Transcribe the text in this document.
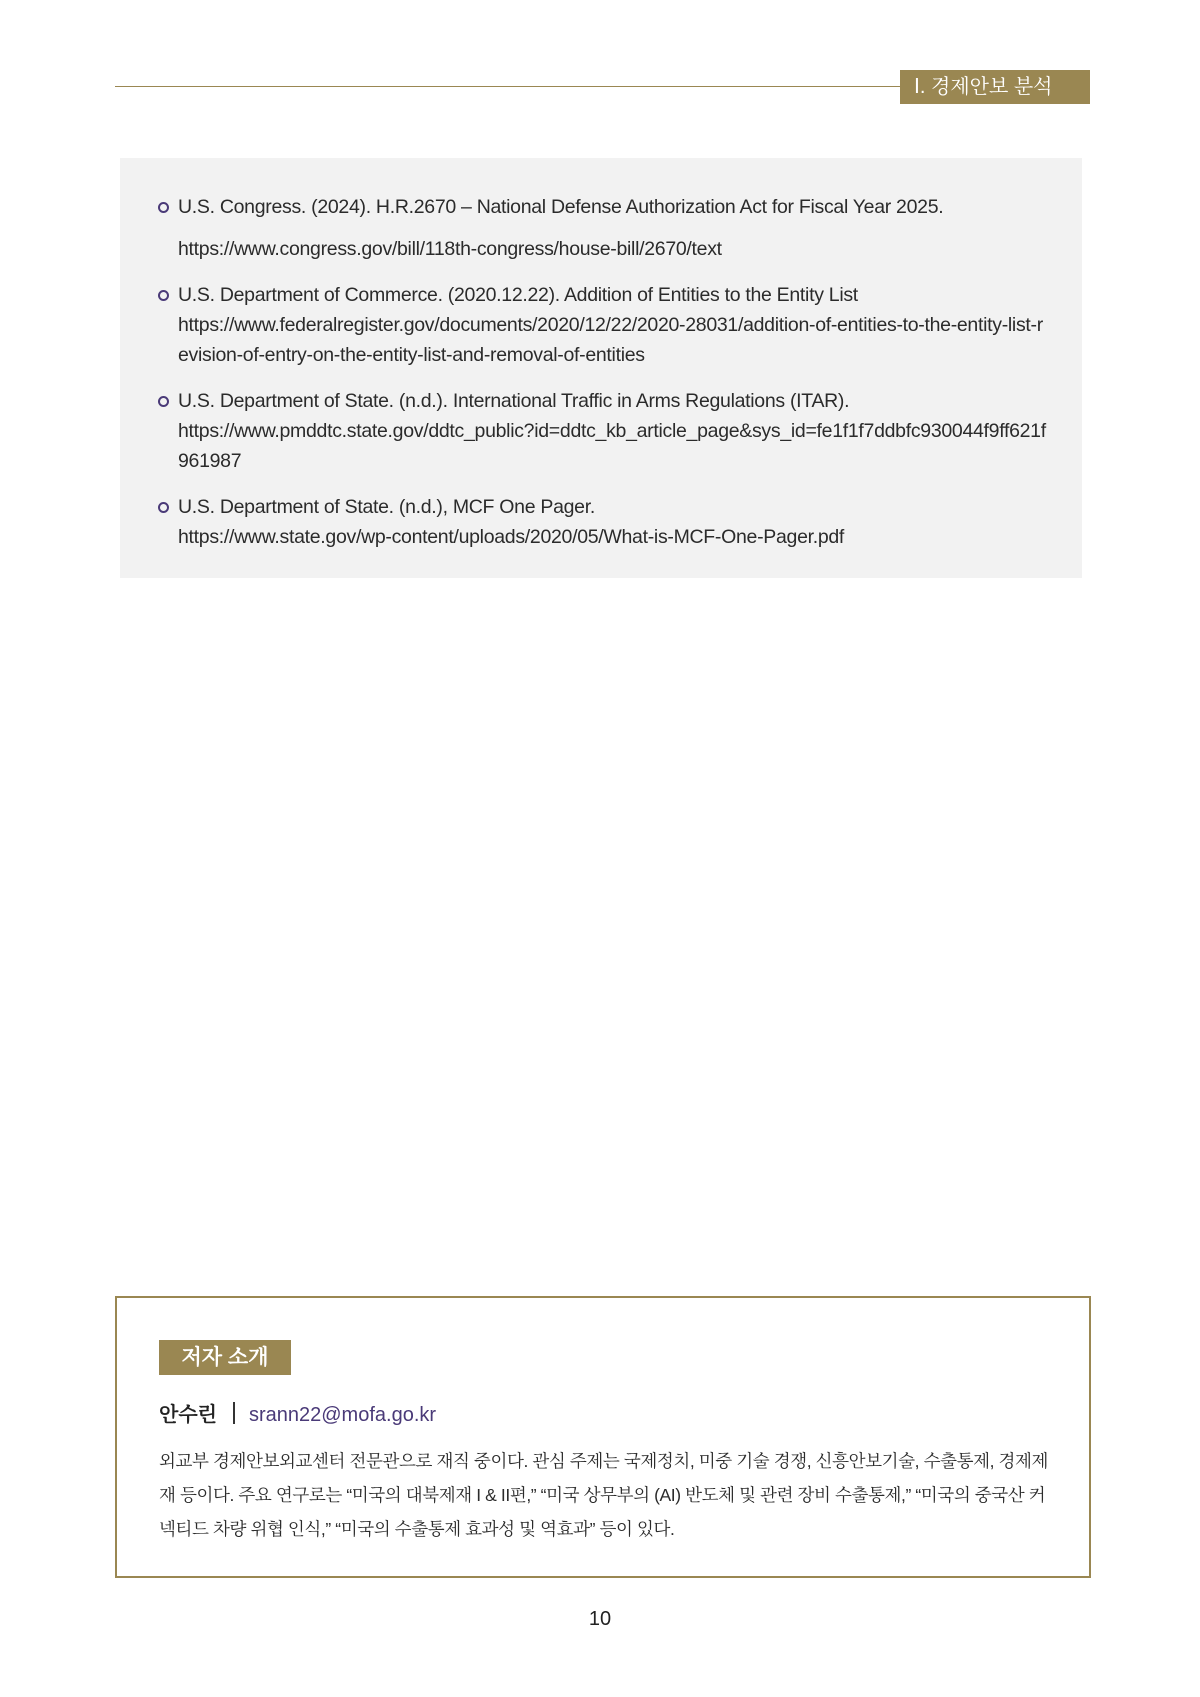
Ⅰ. 경제안보 분석
U.S. Congress. (2024). H.R.2670 – National Defense Authorization Act for Fiscal Year 2025.
https://www.congress.gov/bill/118th-congress/house-bill/2670/text
U.S. Department of Commerce. (2020.12.22). Addition of Entities to the Entity List
https://www.federalregister.gov/documents/2020/12/22/2020-28031/addition-of-entities-to-the-entity-list-revision-of-entry-on-the-entity-list-and-removal-of-entities
U.S. Department of State. (n.d.). International Traffic in Arms Regulations (ITAR).
https://www.pmddtc.state.gov/ddtc_public?id=ddtc_kb_article_page&sys_id=fe1f1f7ddbfc930044f9ff621f961987
U.S. Department of State. (n.d.), MCF One Pager.
https://www.state.gov/wp-content/uploads/2020/05/What-is-MCF-One-Pager.pdf
저자 소개
안수린 srann22@mofa.go.kr
외교부 경제안보외교센터 전문관으로 재직 중이다. 관심 주제는 국제정치, 미중 기술 경쟁, 신흥안보기술, 수출통제, 경제제재 등이다. 주요 연구로는 “미국의 대북제재 I & II편,” “미국 상무부의 (AI) 반도체 및 관련 장비 수출통제,” “미국의 중국산 커넥티드 차량 위협 인식,” “미국의 수출통제 효과성 및 역효과” 등이 있다.
10
